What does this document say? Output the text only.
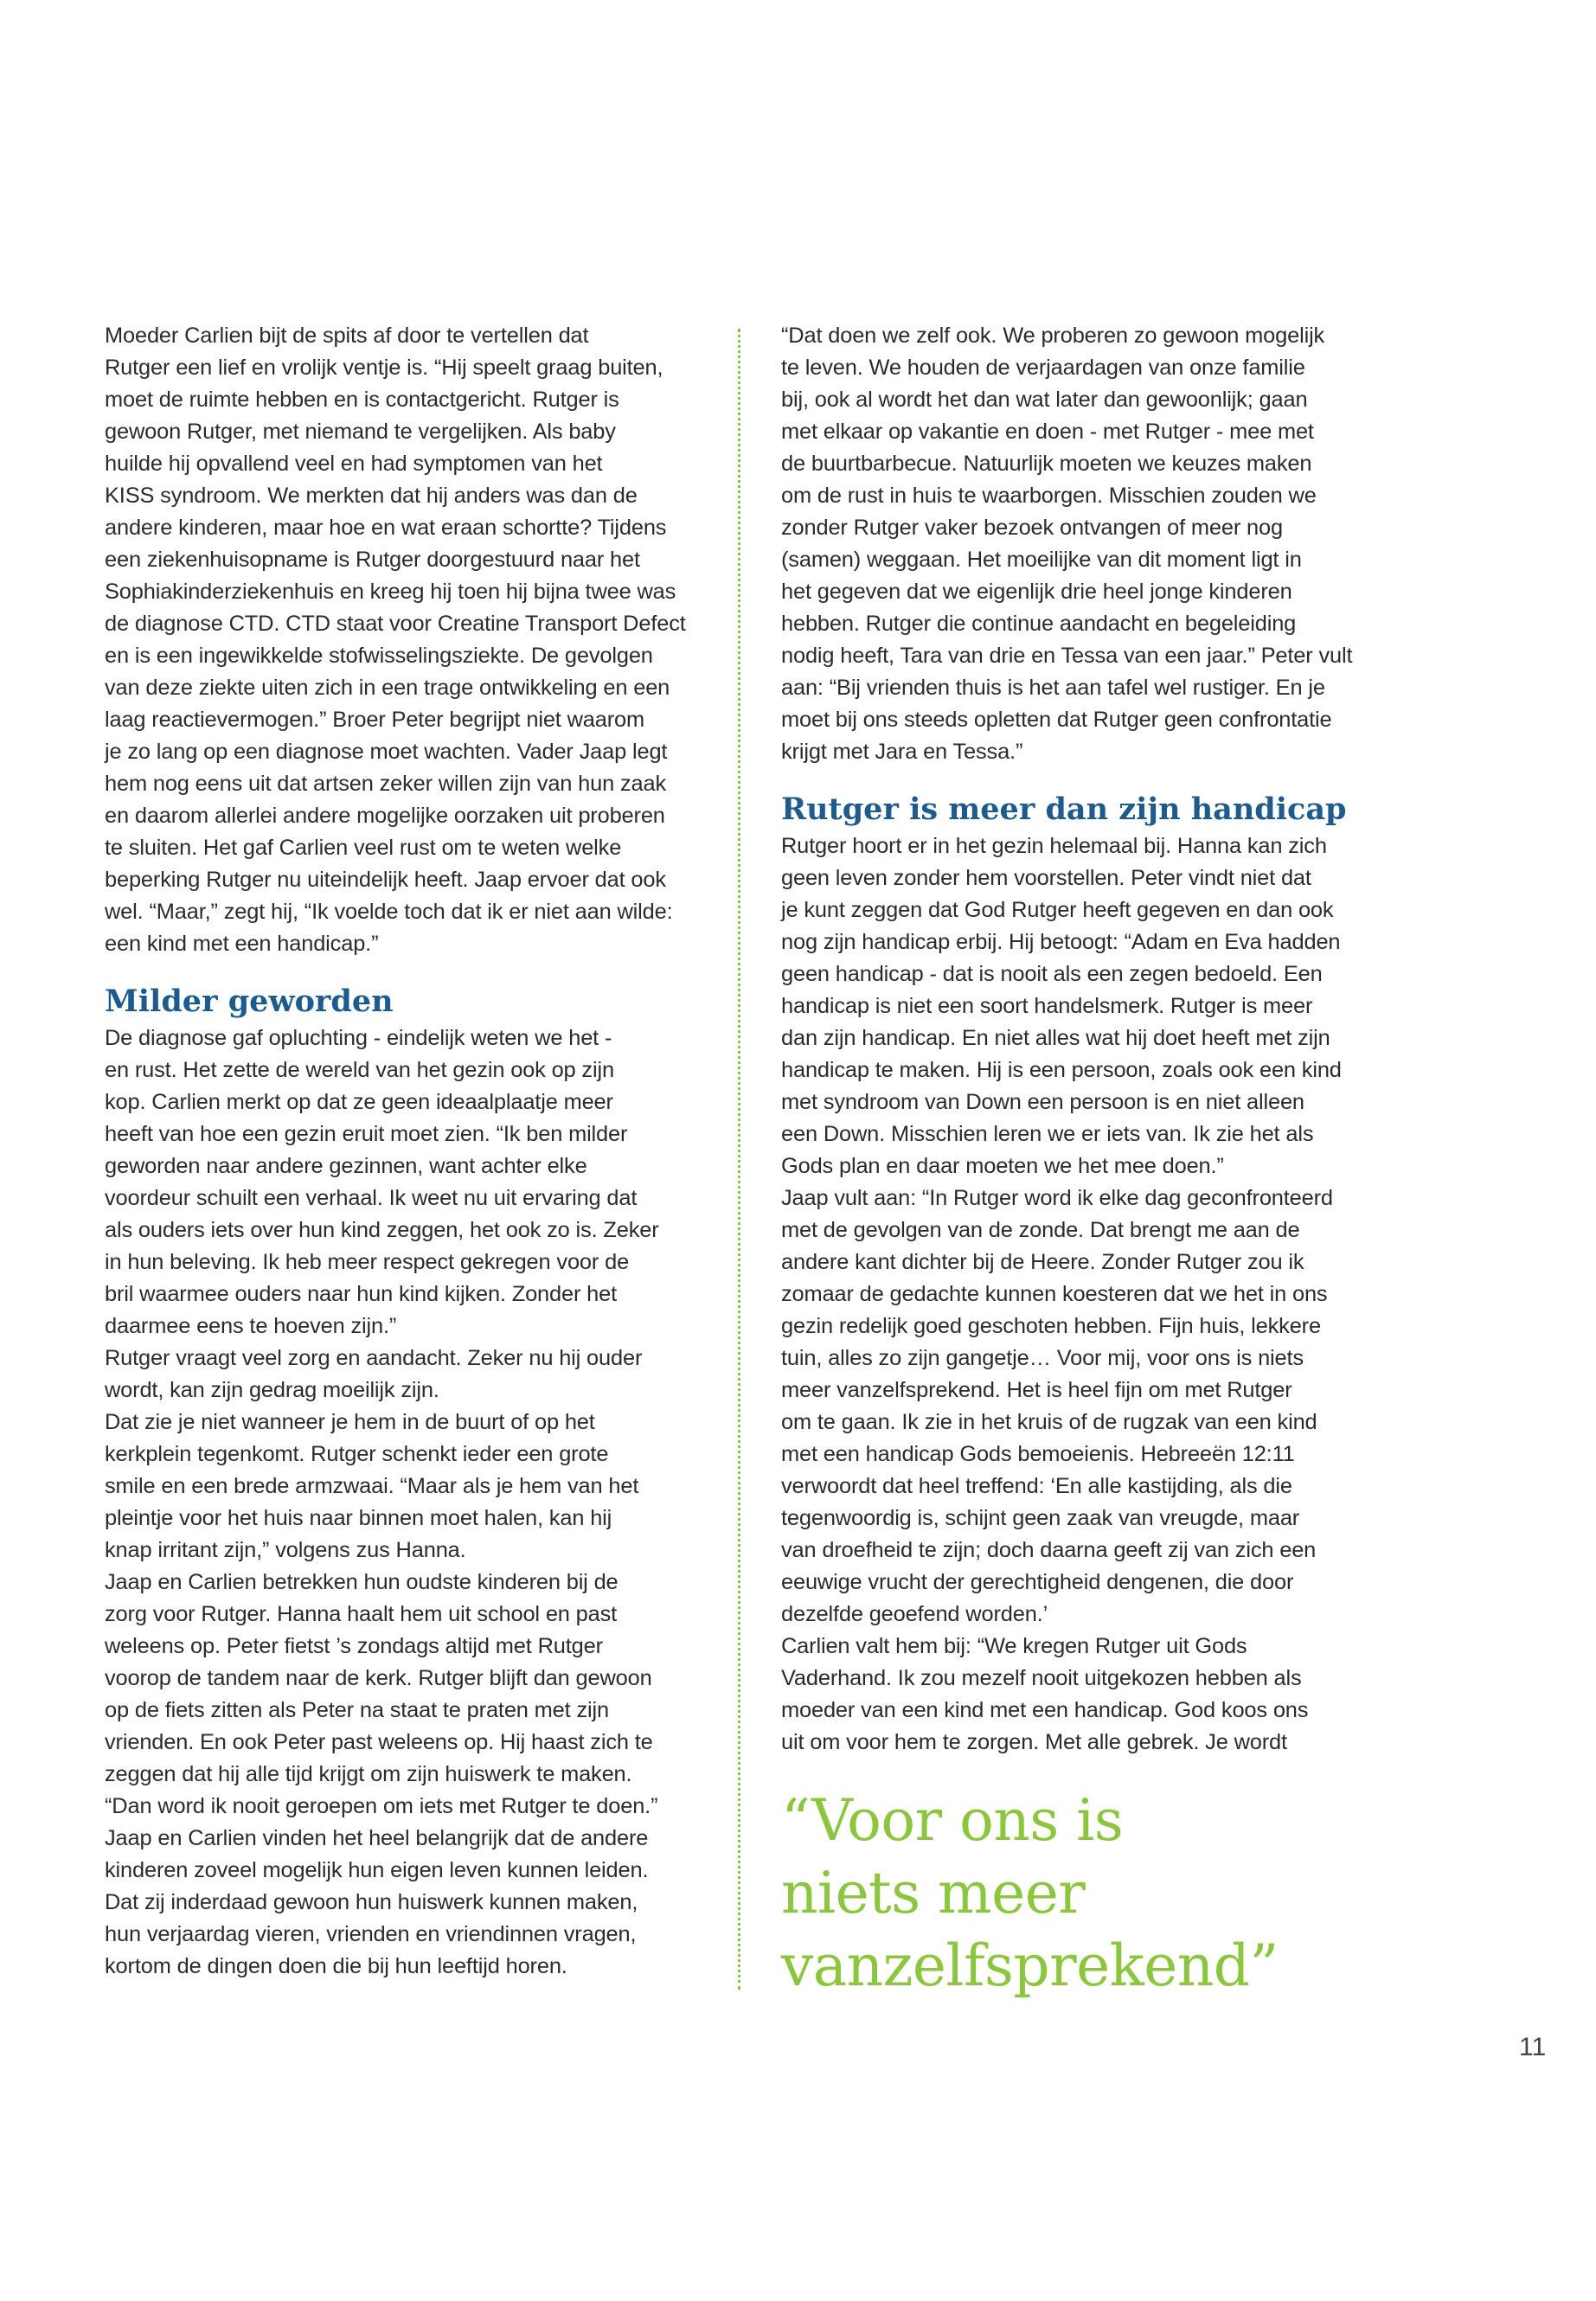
Moeder Carlien bijt de spits af door te vertellen dat
Rutger een lief en vrolijk ventje is. “Hij speelt graag buiten,
moet de ruimte hebben en is contactgericht. Rutger is
gewoon Rutger, met niemand te vergelijken. Als baby
huilde hij opvallend veel en had symptomen van het
KISS syndroom. We merkten dat hij anders was dan de
andere kinderen, maar hoe en wat eraan schortte? Tijdens
een ziekenhuisopname is Rutger doorgestuurd naar het
Sophiakinderziekenhuis en kreeg hij toen hij bijna twee was
de diagnose CTD. CTD staat voor Creatine Transport Defect
en is een ingewikkelde stofwisselingsziekte. De gevolgen
van deze ziekte uiten zich in een trage ontwikkeling en een
laag reactievermogen.” Broer Peter begrijpt niet waarom
je zo lang op een diagnose moet wachten. Vader Jaap legt
hem nog eens uit dat artsen zeker willen zijn van hun zaak
en daarom allerlei andere mogelijke oorzaken uit proberen
te sluiten. Het gaf Carlien veel rust om te weten welke
beperking Rutger nu uiteindelijk heeft. Jaap ervoer dat ook
wel. “Maar,” zegt hij, “Ik voelde toch dat ik er niet aan wilde:
een kind met een handicap.”
Milder geworden
De diagnose gaf opluchting - eindelijk weten we het -
en rust. Het zette de wereld van het gezin ook op zijn
kop. Carlien merkt op dat ze geen ideaalplaatje meer
heeft van hoe een gezin eruit moet zien. “Ik ben milder
geworden naar andere gezinnen, want achter elke
voordeur schuilt een verhaal. Ik weet nu uit ervaring dat
als ouders iets over hun kind zeggen, het ook zo is. Zeker
in hun beleving. Ik heb meer respect gekregen voor de
bril waarmee ouders naar hun kind kijken. Zonder het
daarmee eens te hoeven zijn.”
Rutger vraagt veel zorg en aandacht. Zeker nu hij ouder
wordt, kan zijn gedrag moeilijk zijn.
Dat zie je niet wanneer je hem in de buurt of op het
kerkplein tegenkomt. Rutger schenkt ieder een grote
smile en een brede armzwaai. “Maar als je hem van het
pleintje voor het huis naar binnen moet halen, kan hij
knap irritant zijn,” volgens zus Hanna.
Jaap en Carlien betrekken hun oudste kinderen bij de
zorg voor Rutger. Hanna haalt hem uit school en past
weleens op. Peter fietst ’s zondags altijd met Rutger
voorop de tandem naar de kerk. Rutger blijft dan gewoon
op de fiets zitten als Peter na staat te praten met zijn
vrienden. En ook Peter past weleens op. Hij haast zich te
zeggen dat hij alle tijd krijgt om zijn huiswerk te maken.
“Dan word ik nooit geroepen om iets met Rutger te doen.”
Jaap en Carlien vinden het heel belangrijk dat de andere
kinderen zoveel mogelijk hun eigen leven kunnen leiden.
Dat zij inderdaad gewoon hun huiswerk kunnen maken,
hun verjaardag vieren, vrienden en vriendinnen vragen,
kortom de dingen doen die bij hun leeftijd horen.
“Dat doen we zelf ook. We proberen zo gewoon mogelijk
te leven. We houden de verjaardagen van onze familie
bij, ook al wordt het dan wat later dan gewoonlijk; gaan
met elkaar op vakantie en doen - met Rutger - mee met
de buurtbarbecue. Natuurlijk moeten we keuzes maken
om de rust in huis te waarborgen. Misschien zouden we
zonder Rutger vaker bezoek ontvangen of meer nog
(samen) weggaan. Het moeilijke van dit moment ligt in
het gegeven dat we eigenlijk drie heel jonge kinderen
hebben. Rutger die continue aandacht en begeleiding
nodig heeft, Tara van drie en Tessa van een jaar.” Peter vult
aan: “Bij vrienden thuis is het aan tafel wel rustiger. En je
moet bij ons steeds opletten dat Rutger geen confrontatie
krijgt met Jara en Tessa.”
Rutger is meer dan zijn handicap
Rutger hoort er in het gezin helemaal bij. Hanna kan zich
geen leven zonder hem voorstellen. Peter vindt niet dat
je kunt zeggen dat God Rutger heeft gegeven en dan ook
nog zijn handicap erbij. Hij betoogt: “Adam en Eva hadden
geen handicap - dat is nooit als een zegen bedoeld. Een
handicap is niet een soort handelsmerk. Rutger is meer
dan zijn handicap. En niet alles wat hij doet heeft met zijn
handicap te maken. Hij is een persoon, zoals ook een kind
met syndroom van Down een persoon is en niet alleen
een Down. Misschien leren we er iets van. Ik zie het als
Gods plan en daar moeten we het mee doen.”
Jaap vult aan: “In Rutger word ik elke dag geconfronteerd
met de gevolgen van de zonde. Dat brengt me aan de
andere kant dichter bij de Heere. Zonder Rutger zou ik
zomaar de gedachte kunnen koesteren dat we het in ons
gezin redelijk goed geschoten hebben. Fijn huis, lekkere
tuin, alles zo zijn gangetje… Voor mij, voor ons is niets
meer vanzelfsprekend. Het is heel fijn om met Rutger
om te gaan. Ik zie in het kruis of de rugzak van een kind
met een handicap Gods bemoeienis. Hebreeën 12:11
verwoordt dat heel treffend: ‘En alle kastijding, als die
tegenwoordig is, schijnt geen zaak van vreugde, maar
van droefheid te zijn; doch daarna geeft zij van zich een
eeuwige vrucht der gerechtigheid dengenen, die door
dezelfde geoefend worden.’
Carlien valt hem bij: “We kregen Rutger uit Gods
Vaderhand. Ik zou mezelf nooit uitgekozen hebben als
moeder van een kind met een handicap. God koos ons
uit om voor hem te zorgen. Met alle gebrek. Je wordt
“Voor ons is
niets meer
vanzelfsprekend”
11
